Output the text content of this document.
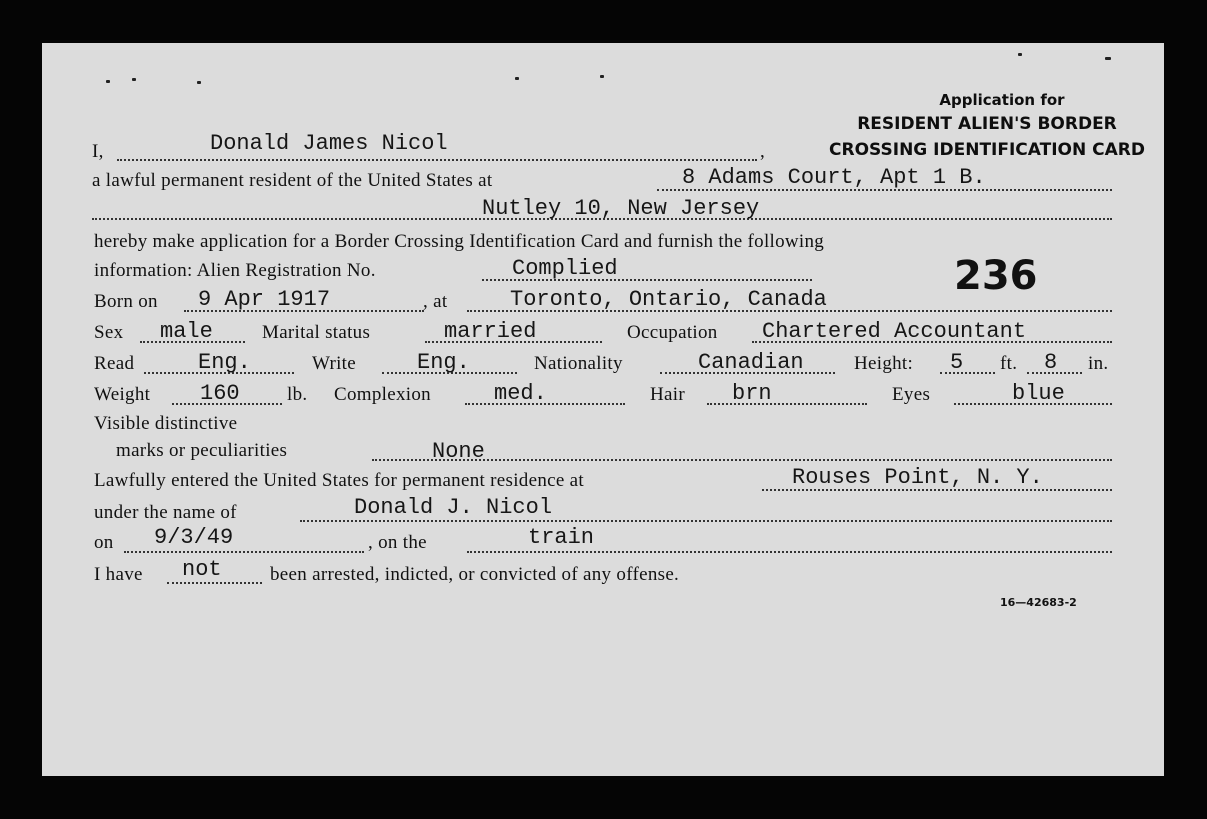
Application for
RESIDENT ALIEN'S BORDER
CROSSING IDENTIFICATION CARD
I,	Donald James Nicol	,
a lawful permanent resident of the United States at	8 Adams Court, Apt 1 B.
Nutley 10, New Jersey
hereby make application for a Border Crossing Identification Card and furnish the following
information: Alien Registration No.	Complied	236
Born on 9 Apr 1917	, at	Toronto, Ontario, Canada
Sex male	Marital status	married	Occupation Chartered Accountant
Read	Eng.	Write	Eng.	Nationality	Canadian	Height: 5 ft. 8 in.
Weight 160 lb. Complexion	med.	Hair brn	Eyes	blue
Visible distinctive
marks or peculiarities	None
Lawfully entered the United States for permanent residence at	Rouses Point, N. Y.
under the name of	Donald J. Nicol
on 9/3/49	, on the	train
I have not	been arrested, indicted, or convicted of any offense.
16—42683-2
